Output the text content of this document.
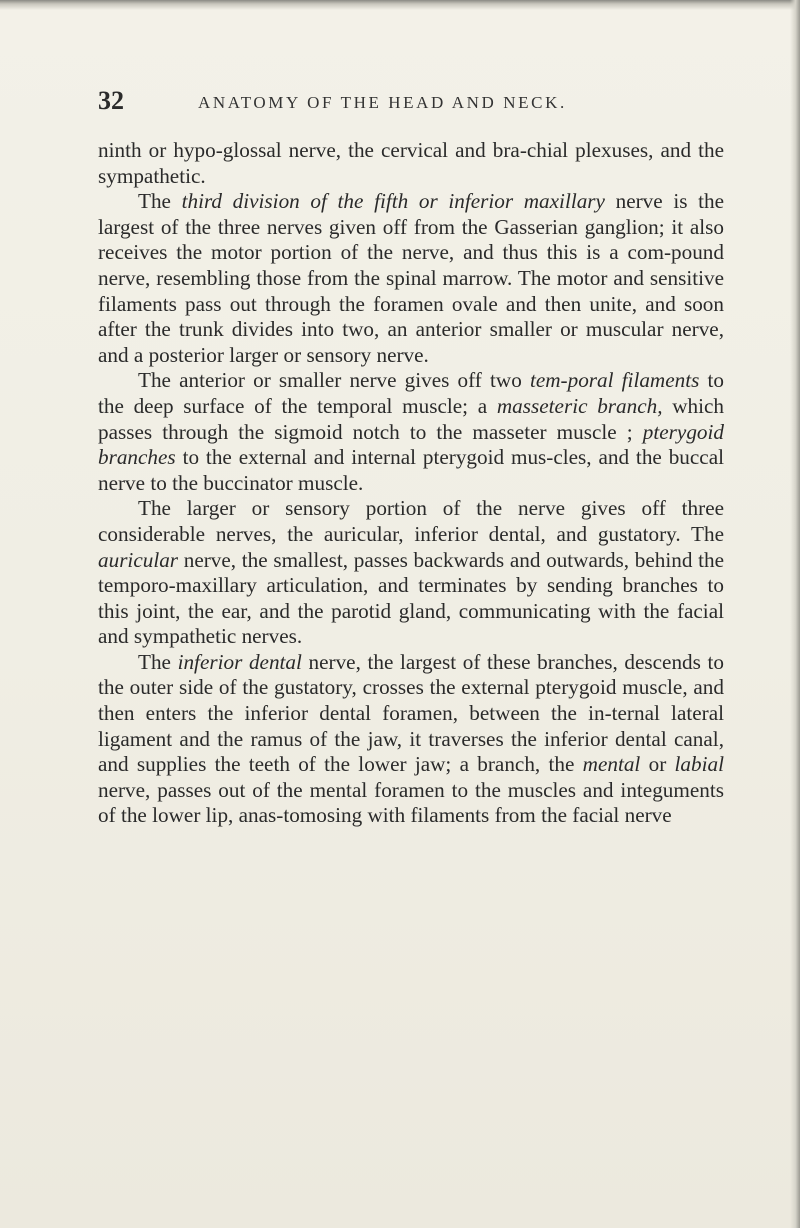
32	ANATOMY OF THE HEAD AND NECK.

ninth or hypo-glossal nerve, the cervical and bra-chial plexuses, and the sympathetic.

The third division of the fifth or inferior maxillary nerve is the largest of the three nerves given off from the Gasserian ganglion; it also receives the motor portion of the nerve, and thus this is a com-pound nerve, resembling those from the spinal marrow. The motor and sensitive filaments pass out through the foramen ovale and then unite, and soon after the trunk divides into two, an anterior smaller or muscular nerve, and a posterior larger or sensory nerve.

The anterior or smaller nerve gives off two tem-poral filaments to the deep surface of the temporal muscle; a masseteric branch, which passes through the sigmoid notch to the masseter muscle ; pterygoid branches to the external and internal pterygoid mus-cles, and the buccal nerve to the buccinator muscle.

The larger or sensory portion of the nerve gives off three considerable nerves, the auricular, inferior dental, and gustatory. The auricular nerve, the smallest, passes backwards and outwards, behind the temporo-maxillary articulation, and terminates by sending branches to this joint, the ear, and the parotid gland, communicating with the facial and sympathetic nerves.

The inferior dental nerve, the largest of these branches, descends to the outer side of the gustatory, crosses the external pterygoid muscle, and then enters the inferior dental foramen, between the in-ternal lateral ligament and the ramus of the jaw, it traverses the inferior dental canal, and supplies the teeth of the lower jaw; a branch, the mental or labial nerve, passes out of the mental foramen to the muscles and integuments of the lower lip, anas-tomosing with filaments from the facial nerve
